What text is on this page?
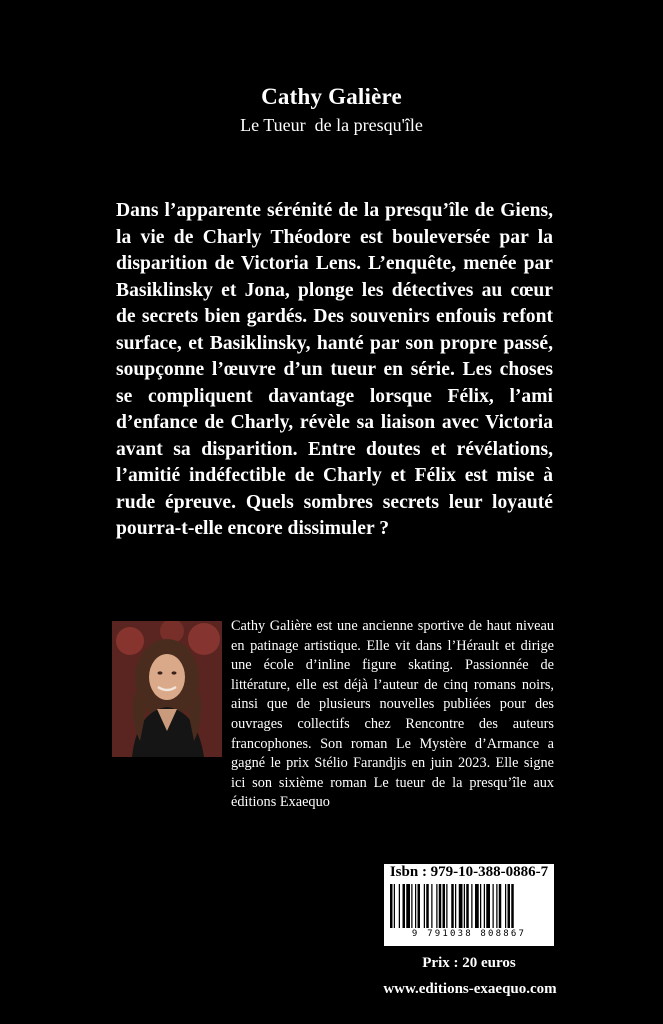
Cathy Galière
Le Tueur  de la presqu'île
Dans l’apparente sérénité de la presqu’île de Giens, la vie de Charly Théodore est bouleversée par la disparition de Victoria Lens. L’enquête, menée par Basiklinsky et Jona, plonge les détectives au cœur de secrets bien gardés. Des souvenirs enfouis refont surface, et Basiklinsky, hanté par son propre passé, soupçonne l’œuvre d’un tueur en série. Les choses se compliquent davantage lorsque Félix, l’ami d’enfance de Charly, révèle sa liaison avec Victoria avant sa disparition. Entre doutes et révélations, l’amitié indéfectible de Charly et Félix est mise à rude épreuve. Quels sombres secrets leur loyauté pourra-t-elle encore dissimuler ?
Cathy Galière est une ancienne sportive de haut niveau en patinage artistique. Elle vit dans l’Hérault et dirige une école d’inline figure skating. Passionnée de littérature, elle est déjà l’auteur de cinq romans noirs, ainsi que de plusieurs nouvelles publiées pour des ouvrages collectifs chez Rencontre des auteurs francophones. Son roman Le Mystère d’Armance a gagné le prix Stélio Farandjis en juin 2023. Elle signe ici son sixième roman Le tueur de la presqu’île aux éditions Exaequo
Isbn : 979-10-388-0886-7
9 791038 808867
Prix : 20 euros
www.editions-exaequo.com
